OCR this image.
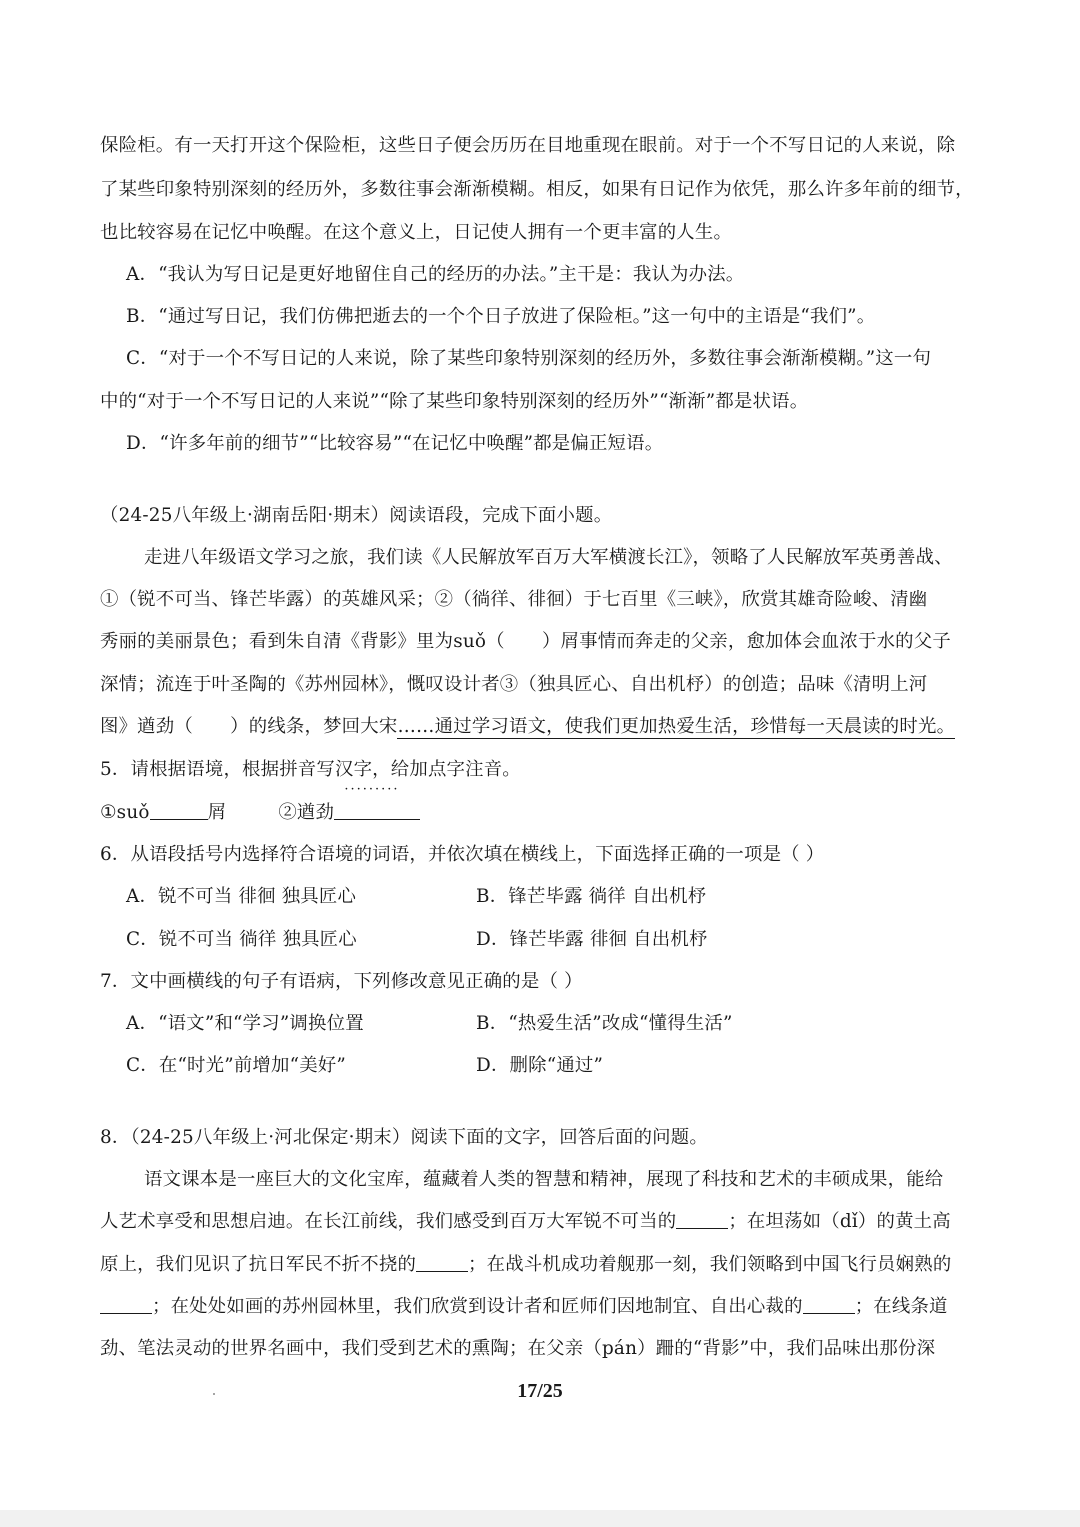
保险柜。有一天打开这个保险柜，这些日子便会历历在目地重现在眼前。对于一个不写日记的人来说，除
了某些印象特别深刻的经历外，多数往事会渐渐模糊。相反，如果有日记作为依凭，那么许多年前的细节，
也比较容易在记忆中唤醒。在这个意义上，日记使人拥有一个更丰富的人生。
A．“我认为写日记是更好地留住自己的经历的办法。”主干是：我认为办法。
B．“通过写日记，我们仿佛把逝去的一个个日子放进了保险柜。”这一句中的主语是“我们”。
C．“对于一个不写日记的人来说，除了某些印象特别深刻的经历外，多数往事会渐渐模糊。”这一句
中的“对于一个不写日记的人来说”“除了某些印象特别深刻的经历外”“渐渐”都是状语。
D．“许多年前的细节”“比较容易”“在记忆中唤醒”都是偏正短语。
（24-25八年级上·湖南岳阳·期末）阅读语段，完成下面小题。
走进八年级语文学习之旅，我们读《人民解放军百万大军横渡长江》，领略了人民解放军英勇善战、
①（锐不可当、锋芒毕露）的英雄风采；②（徜徉、徘徊）于七百里《三峡》，欣赏其雄奇险峻、清幽
秀丽的美丽景色；看到朱自清《背影》里为suǒ（　　）屑事情而奔走的父亲，愈加体会血浓于水的父子
深情；流连于叶圣陶的《苏州园林》，慨叹设计者③（独具匠心、自出机杼）的创造；品味《清明上河
图》遒劲（　　）的线条，梦回大宋……通过学习语文，使我们更加热爱生活，珍惜每一天晨读的时光。
5．请根据语境，根据拼音写汉字，给加点字注音。
①suǒ	屑
·········
②遒劲
6．从语段括号内选择符合语境的词语，并依次填在横线上，下面选择正确的一项是（ ）
A．锐不可当 徘徊 独具匠心	B．锋芒毕露 徜徉 自出机杼
C．锐不可当 徜徉 独具匠心	D．锋芒毕露 徘徊 自出机杼
7．文中画横线的句子有语病，下列修改意见正确的是（ ）
A．“语文”和“学习”调换位置	B．“热爱生活”改成“懂得生活”
C．在“时光”前增加“美好”	D．删除“通过”
8．（24-25八年级上·河北保定·期末）阅读下面的文字，回答后面的问题。
语文课本是一座巨大的文化宝库，蕴藏着人类的智慧和精神，展现了科技和艺术的丰硕成果，能给
人艺术享受和思想启迪。在长江前线，我们感受到百万大军锐不可当的	；在坦荡如（dǐ）的黄土高
原上，我们见识了抗日军民不折不挠的	；在战斗机成功着舰那一刻，我们领略到中国飞行员娴熟的
；在处处如画的苏州园林里，我们欣赏到设计者和匠师们因地制宜、自出心裁的	；在线条道
劲、笔法灵动的世界名画中，我们受到艺术的熏陶；在父亲（pán）跚的“背影”中，我们品味出那份深
17/25
